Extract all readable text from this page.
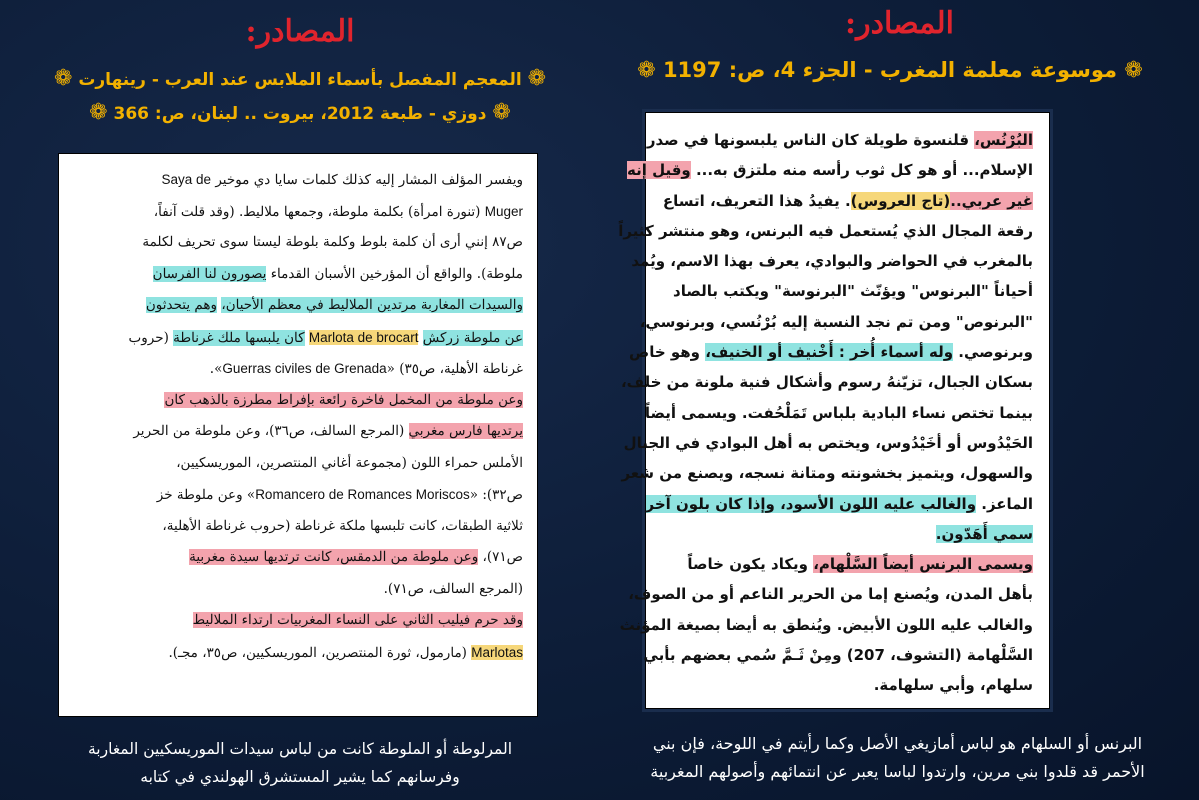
المصادر:
❁ المعجم المفصل بأسماء الملابس عند العرب - رينهارت ❁
❁ دوزي - طبعة 2012، بيروت .. لبنان، ص: 366 ❁
ويفسر المؤلف المشار إليه كذلك كلمات سايا دي موخير Saya de
Muger (تنورة امرأة) بكلمة ملوطة، وجمعها ملاليط. (وقد قلت آنفاً،
ص٨٧ إنني أرى أن كلمة بلوط وكلمة بلوطة ليستا سوى تحريف لكلمة
ملوطة). والواقع أن المؤرخين الأسبان القدماء يصورون لنا الفرسان
والسيدات المغاربة مرتدين الملاليط في معظم الأحيان، وهم يتحدثون
عن ملوطة زركش Marlota de brocart كان يلبسها ملك غرناطة (حروب
غرناطة الأهلية، ص٣٥) «Guerras civiles de Grenada».
وعن ملوطة من المخمل فاخرة رائعة بإفراط مطرزة بالذهب كان
يرتديها فارس مغربي (المرجع السالف، ص٣٦)، وعن ملوطة من الحرير
الأملس حمراء اللون (مجموعة أغاني المنتصرين، الموريسكيين،
ص٣٢): «Romancero de Romances Moriscos» وعن ملوطة خز
ثلاثية الطبقات، كانت تلبسها ملكة غرناطة (حروب غرناطة الأهلية،
ص٧١)، وعن ملوطة من الدمقس، كانت ترتديها سيدة مغربية
(المرجع السالف، ص٧١).
وقد حرم فيليب الثاني على النساء المغربيات ارتداء الملاليط
Marlotas (مارمول، ثورة المنتصرين، الموريسكيين، ص٣٥، مجـ).
المرلوطة أو الملوطة كانت من لباس سيدات الموريسكيين المغاربة
وفرسانهم كما يشير المستشرق الهولندي في كتابه
المصادر:
❁ موسوعة معلمة المغرب - الجزء 4، ص: 1197 ❁
البُرْنُس، قلنسوة طويلة كان الناس يلبسونها في صدر
الإسلام... أو هو كل ثوب رأسه منه ملتزق به... وقيل إنه
غير عربي..(تاج العروس). يفيدُ هذا التعريف، اتساع
رقعة المجال الذي يُستعمل فيه البرنس، وهو منتشر كثيراً
بالمغرب في الحواضر والبوادي، يعرف بهذا الاسم، ويُمد
أحياناً "البرنوس" ويؤنّث "البرنوسة" ويكتب بالصاد
"البرنوص" ومن تم نجد النسبة إليه بُرْنُسي، وبرنوسي،
وبرنوصي. وله أسماء أُخر : أَخْنيف أو الخنيف، وهو خاص
بسكان الجبال، تزيّنهُ رسوم وأشكال فنية ملونة من خلف،
بينما تختص نساء البادية بلباس تَمَلْحُفت. ويسمى أيضاً
الحَيْدُوس أو أخَيْدُوس، ويختص به أهل البوادي في الجبال
والسهول، ويتميز بخشونته ومتانة نسجه، ويصنع من شعر
الماعز. والغالب عليه اللون الأسود، وإذا كان بلون آخر
سمي أَهَدّون.
ويسمى البرنس أيضاً السَّلْهام، ويكاد يكون خاصاً
بأهل المدن، ويُصنع إما من الحرير الناعم أو من الصوف،
والغالب عليه اللون الأبيض. ويُنطق به أيضا بصيغة المؤنث
السَّلْهامة (التشوف، 207) ومِنْ ثَـمَّ سُمي بعضهم بأبي
سلهام، وأبي سلهامة.
البرنس أو السلهام هو لباس أمازيغي الأصل وكما رأيتم في اللوحة، فإن بني
الأحمر قد قلدوا بني مرين، وارتدوا لباسا يعبر عن انتمائهم وأصولهم المغربية
